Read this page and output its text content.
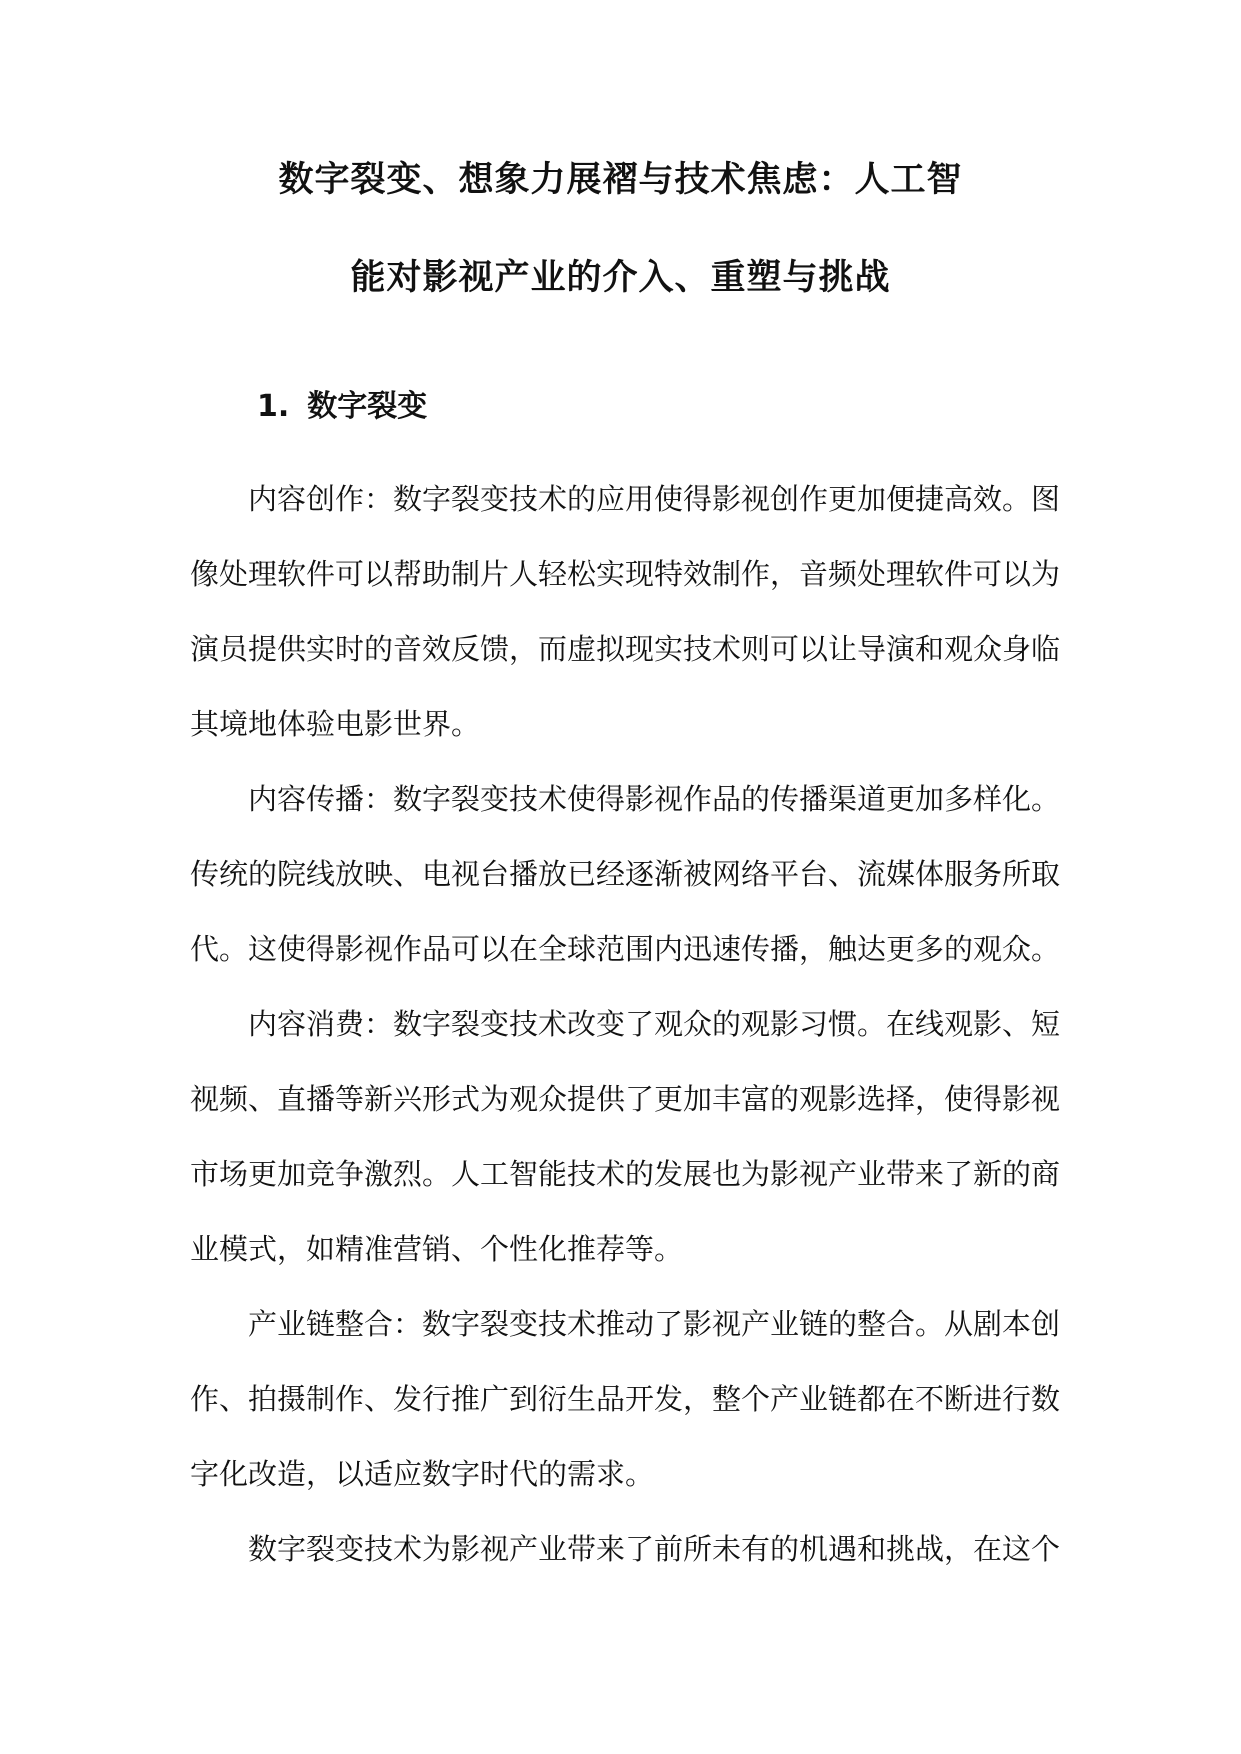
数字裂变、想象力展褶与技术焦虑：人工智
能对影视产业的介入、重塑与挑战
1. 数字裂变

内容创作：数字裂变技术的应用使得影视创作更加便捷高效。图像处理软件可以帮助制片人轻松实现特效制作，音频处理软件可以为演员提供实时的音效反馈，而虚拟现实技术则可以让导演和观众身临其境地体验电影世界。

内容传播：数字裂变技术使得影视作品的传播渠道更加多样化。传统的院线放映、电视台播放已经逐渐被网络平台、流媒体服务所取代。这使得影视作品可以在全球范围内迅速传播，触达更多的观众。

内容消费：数字裂变技术改变了观众的观影习惯。在线观影、短视频、直播等新兴形式为观众提供了更加丰富的观影选择，使得影视市场更加竞争激烈。人工智能技术的发展也为影视产业带来了新的商业模式，如精准营销、个性化推荐等。

产业链整合：数字裂变技术推动了影视产业链的整合。从剧本创作、拍摄制作、发行推广到衍生品开发，整个产业链都在不断进行数字化改造，以适应数字时代的需求。

数字裂变技术为影视产业带来了前所未有的机遇和挑战，在这个
